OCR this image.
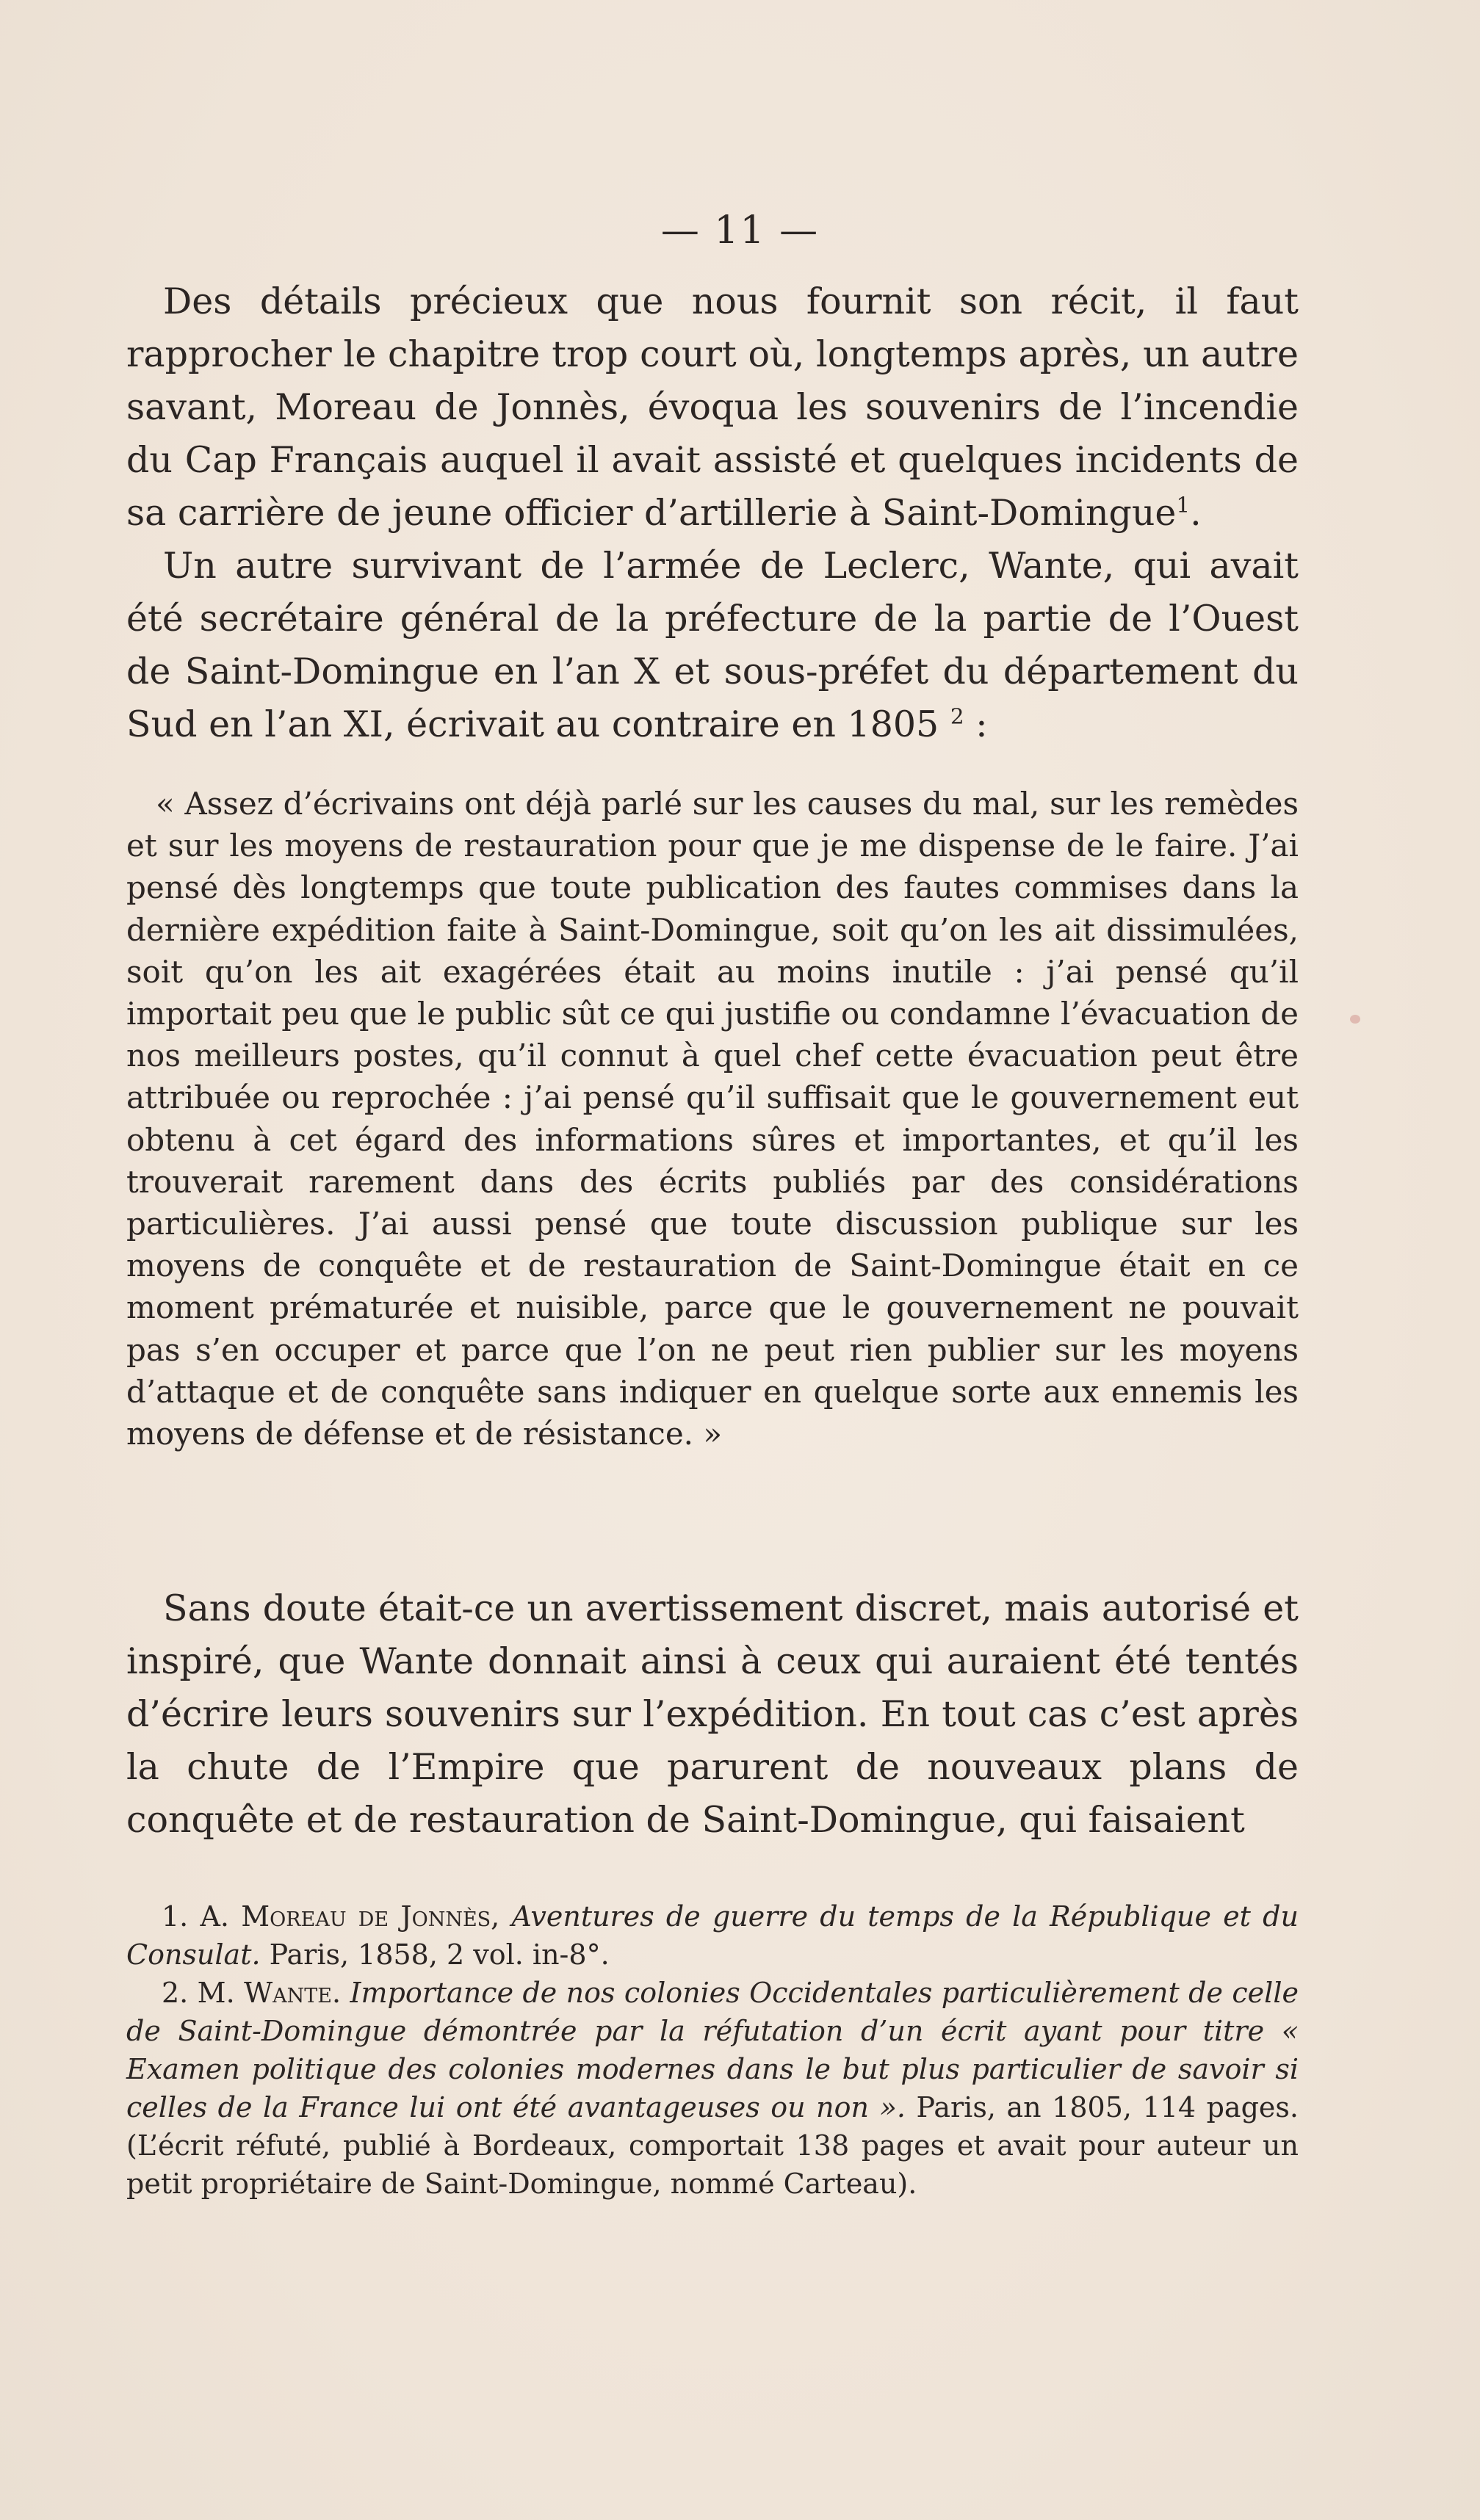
— 11 —

Des détails précieux que nous fournit son récit, il faut rapprocher le chapitre trop court où, longtemps après, un autre savant, Moreau de Jonnès, évoqua les souvenirs de l’incendie du Cap Français auquel il avait assisté et quelques incidents de sa carrière de jeune officier d’artillerie à Saint-Domingue$^1$.

Un autre survivant de l’armée de Leclerc, Wante, qui avait été secrétaire général de la préfecture de la partie de l’Ouest de Saint-Domingue en l’an X et sous-préfet du département du Sud en l’an XI, écrivait au contraire en 1805 $^2$ :

« Assez d’écrivains ont déjà parlé sur les causes du mal, sur les remèdes et sur les moyens de restauration pour que je me dispense de le faire. J’ai pensé dès longtemps que toute publication des fautes commises dans la dernière expédition faite à Saint-Domingue, soit qu’on les ait dissimulées, soit qu’on les ait exagérées était au moins inutile : j’ai pensé qu’il importait peu que le public sût ce qui justifie ou condamne l’évacuation de nos meilleurs postes, qu’il connut à quel chef cette évacuation peut être attribuée ou reprochée : j’ai pensé qu’il suffisait que le gouvernement eut obtenu à cet égard des informations sûres et importantes, et qu’il les trouverait rarement dans des écrits publiés par des considérations particulières. J’ai aussi pensé que toute discussion publique sur les moyens de conquête et de restauration de Saint-Domingue était en ce moment prématurée et nuisible, parce que le gouvernement ne pouvait pas s’en occuper et parce que l’on ne peut rien publier sur les moyens d’attaque et de conquête sans indiquer en quelque sorte aux ennemis les moyens de défense et de résistance. »

Sans doute était-ce un avertissement discret, mais autorisé et inspiré, que Wante donnait ainsi à ceux qui auraient été tentés d’écrire leurs souvenirs sur l’expédition. En tout cas c’est après la chute de l’Empire que parurent de nouveaux plans de conquête et de restauration de Saint-Domingue, qui faisaient

1. A. Moreau de Jonnès, Aventures de guerre du temps de la République et du Consulat. Paris, 1858, 2 vol. in-8°.

2. M. Wante. Importance de nos colonies Occidentales particulièrement de celle de Saint-Domingue démontrée par la réfutation d’un écrit ayant pour titre « Examen politique des colonies modernes dans le but plus particulier de savoir si celles de la France lui ont été avantageuses ou non ». Paris, an 1805, 114 pages. (L’écrit réfuté, publié à Bordeaux, comportait 138 pages et avait pour auteur un petit propriétaire de Saint-Domingue, nommé Carteau).
